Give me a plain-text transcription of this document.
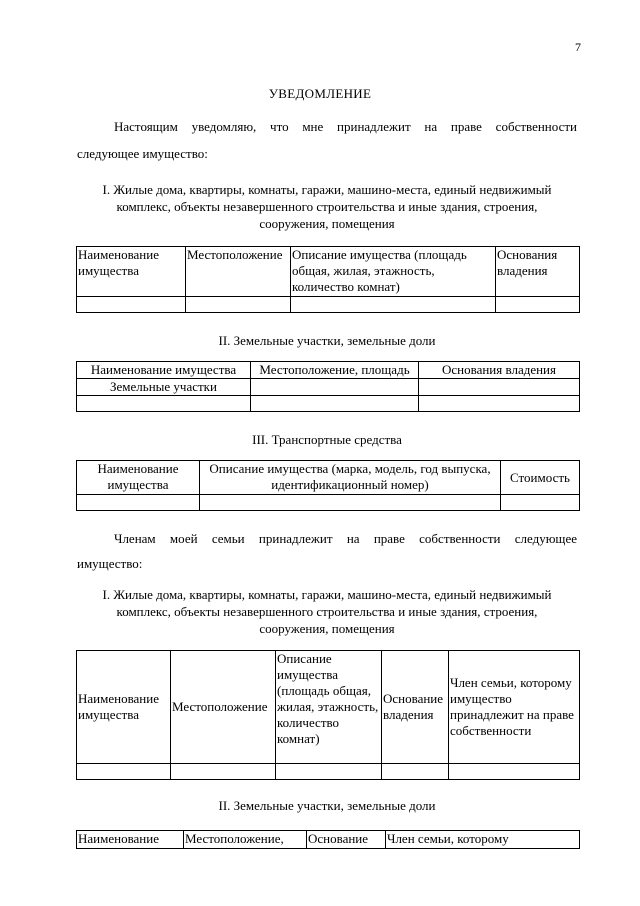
7
УВЕДОМЛЕНИЕ
Настоящим уведомляю, что мне принадлежит на праве собственности
следующее имущество:
I. Жилые дома, квартиры, комнаты, гаражи, машино-места, единый недвижимый
комплекс, объекты незавершенного строительства и иные здания, строения,
сооружения, помещения
Наименование имущества	Местоположение	Описание имущества (площадь общая, жилая, этажность, количество комнат)	Основания владения

II. Земельные участки, земельные доли
Наименование имущества	Местоположение, площадь	Основания владения
Земельные участки		

III. Транспортные средства
Наименование имущества	Описание имущества (марка, модель, год выпуска, идентификационный номер)	Стоимость

Членам моей семьи принадлежит на праве собственности следующее
имущество:
I. Жилые дома, квартиры, комнаты, гаражи, машино-места, единый недвижимый
комплекс, объекты незавершенного строительства и иные здания, строения,
сооружения, помещения
Наименование имущества	Местоположение	Описание имущества (площадь общая, жилая, этажность, количество комнат)	Основание владения	Член семьи, которому имущество принадлежит на праве собственности

II. Земельные участки, земельные доли
Наименование	Местоположение,	Основание	Член семьи, которому
